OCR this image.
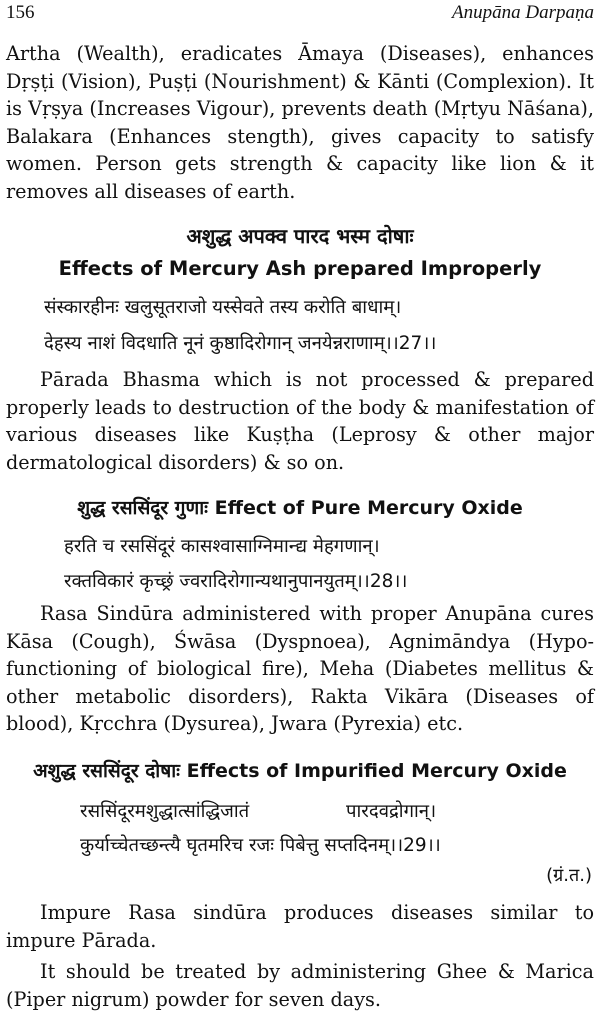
156	Anupāna Darpaṇa

Artha (Wealth), eradicates Āmaya (Diseases), enhances Dṛṣṭi (Vision), Puṣṭi (Nourishment) & Kānti (Complexion). It is Vṛṣya (Increases Vigour), prevents death (Mṛtyu Nāśana), Balakara (Enhances stength), gives capacity to satisfy women. Person gets strength & capacity like lion & it removes all diseases of earth.

अशुद्ध अपक्व पारद भस्म दोषाः
Effects of Mercury Ash prepared Improperly
संस्कारहीनः खलुसूतराजो यस्सेवते तस्य करोति बाधाम्।
देहस्य नाशं विदधाति नूनं कुष्ठादिरोगान् जनयेन्नराणाम्।।27।।

Pārada Bhasma which is not processed & prepared properly leads to destruction of the body & manifestation of various diseases like Kuṣṭha (Leprosy & other major dermatological disorders) & so on.

शुद्ध रससिंदूर गुणाः Effect of Pure Mercury Oxide
हरति च रससिंदूरं कासश्वासाग्निमान्द्य मेहगणान्।
रक्तविकारं कृच्छ्रं ज्वरादिरोगान्यथानुपानयुतम्।।28।।

Rasa Sindūra administered with proper Anupāna cures Kāsa (Cough), Śwāsa (Dyspnoea), Agnimāndya (Hypo-functioning of biological fire), Meha (Diabetes mellitus & other metabolic disorders), Rakta Vikāra (Diseases of blood), Kṛcchra (Dysurea), Jwara (Pyrexia) etc.

अशुद्ध रससिंदूर दोषाः Effects of Impurified Mercury Oxide
रससिंदूरमशुद्धात्सांद्धिजातं	पारदवद्रोगान्।
कुर्याच्चेतच्छन्त्यै घृतमरिच रजः पिबेत्तु सप्तदिनम्।।29।।
(ग्रं.त.)

Impure Rasa sindūra produces diseases similar to impure Pārada.

It should be treated by administering Ghee & Marica (Piper nigrum) powder for seven days.
